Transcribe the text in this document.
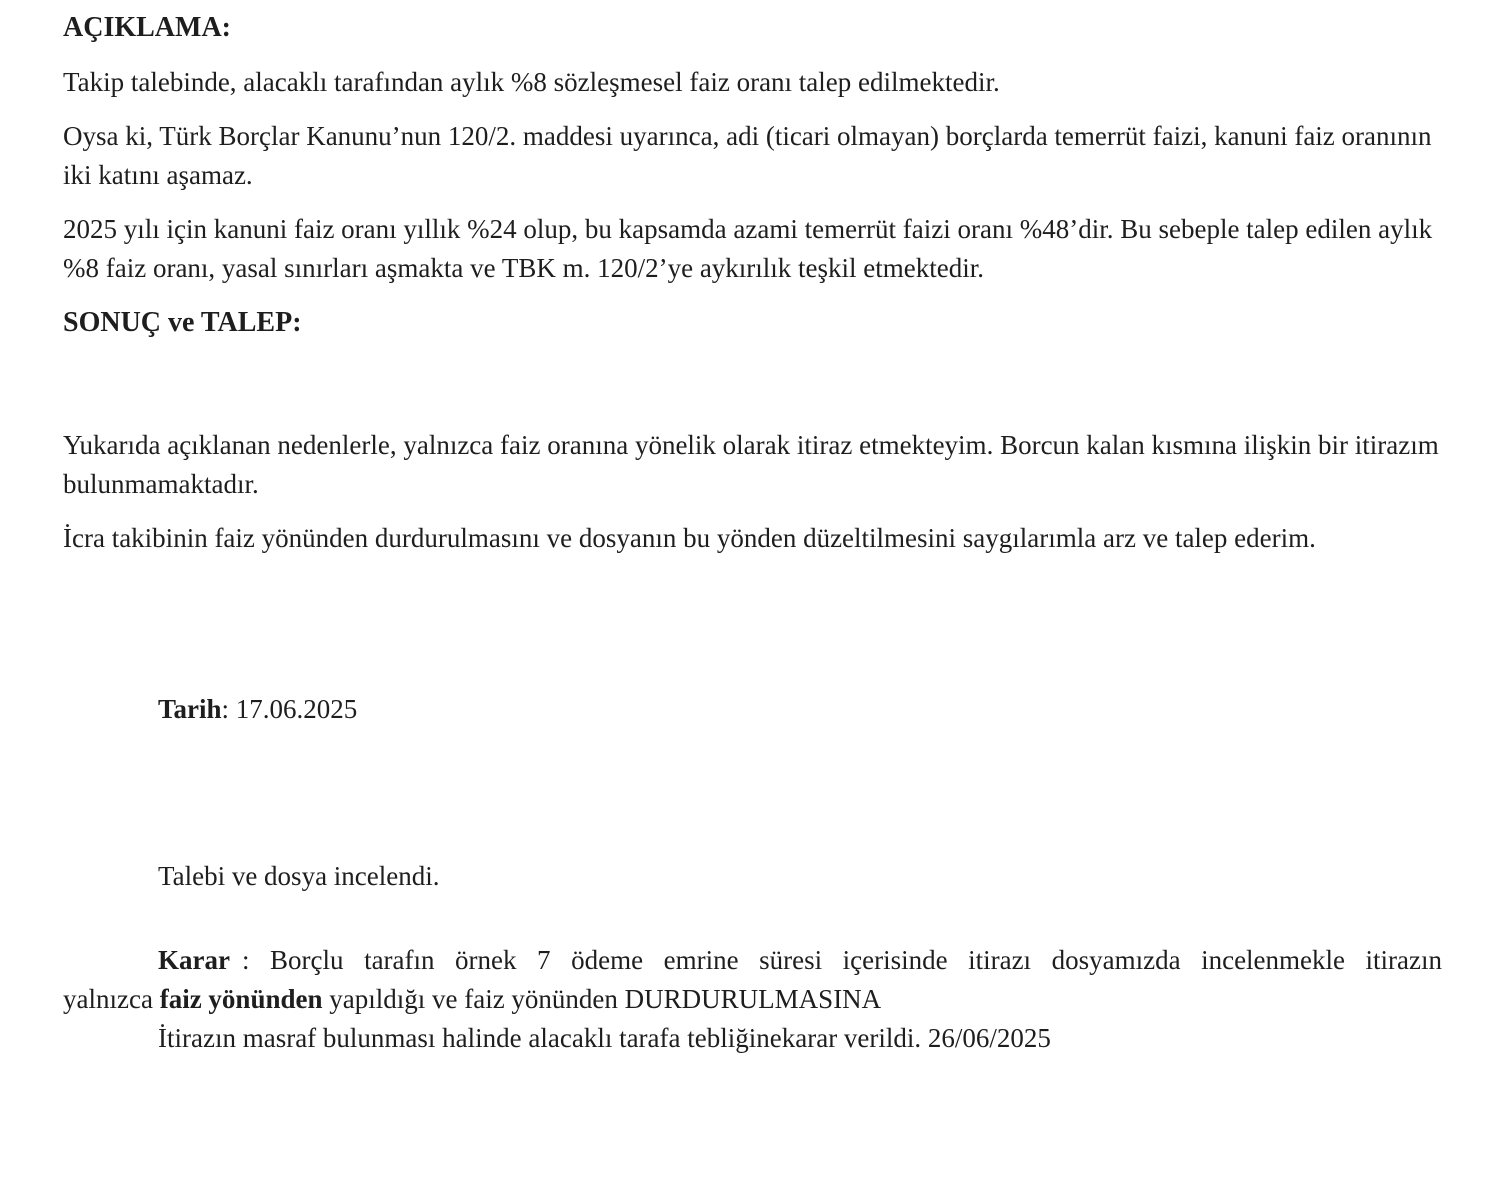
AÇIKLAMA:

Takip talebinde, alacaklı tarafından aylık %8 sözleşmesel faiz oranı talep edilmektedir.

Oysa ki, Türk Borçlar Kanunu’nun 120/2. maddesi uyarınca, adi (ticari olmayan) borçlarda temerrüt faizi, kanuni faiz oranının iki katını aşamaz.

2025 yılı için kanuni faiz oranı yıllık %24 olup, bu kapsamda azami temerrüt faizi oranı %48’dir. Bu sebeple talep edilen aylık %8 faiz oranı, yasal sınırları aşmakta ve TBK m. 120/2’ye aykırılık teşkil etmektedir.

SONUÇ ve TALEP:

Yukarıda açıklanan nedenlerle, yalnızca faiz oranına yönelik olarak itiraz etmekteyim. Borcun kalan kısmına ilişkin bir itirazım bulunmamaktadır.

İcra takibinin faiz yönünden durdurulmasını ve dosyanın bu yönden düzeltilmesini saygılarımla arz ve talep ederim.

Tarih: 17.06.2025
Talebi ve dosya incelendi.
Karar : Borçlu tarafın örnek 7 ödeme emrine süresi içerisinde itirazı dosyamızda incelenmekle itirazın
yalnızca faiz yönünden yapıldığı ve faiz yönünden DURDURULMASINA
İtirazın masraf bulunması halinde alacaklı tarafa tebliğinekarar verildi. 26/06/2025
